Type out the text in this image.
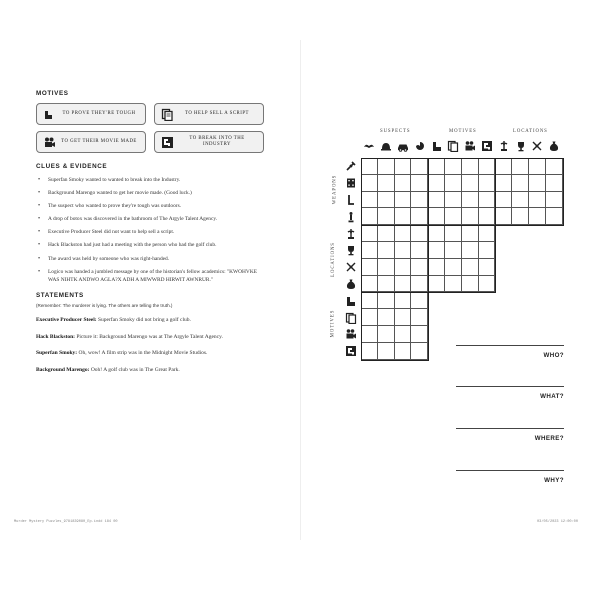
MOTIVES
TO PROVE THEY'RE TOUGH	TO HELP SELL A SCRIPT
TO GET THEIR MOVIE MADE
TO BREAK INTO THE INDUSTRY
CLUES & EVIDENCE
• Superfan Smoky wanted to wanted to break into the Industry.
• Background Marengo wanted to get her movie made. (Good luck.)
• The suspect who wanted to prove they're tough was outdoors.
• A drop of botox was discovered in the bathroom of The Argyle Talent Agency.
• Executive Producer Steel did not want to help sell a script.
• Hack Blackston had just had a meeting with the person who had the golf club.
• The award was held by someone who was right-handed.
• Logico was handed a jumbled message by one of the historian's fellow academics: "KWOHVKE WAS NIHTK ANDWO AGLA?X ADH A MIWWRD HIRWIT AWNRUR."
STATEMENTS
(Remember: The murderer is lying. The others are telling the truth.)
Executive Producer Steel: Superfan Smoky did not bring a golf club.
Hack Blackston: Picture it: Background Marengo was at The Argyle Talent Agency.
Superfan Smoky: Oh, wow! A film strip was in the Midnight Movie Studios.
Background Marengo: Ooh! A golf club was in The Great Park.
Murder Mystery Puzzles_9781839080_Ep.indd 184 00	03/05/2023 12:00:00
SUSPECTS	MOTIVES	LOCATIONS
WEAPONS
LOCATIONS
MOTIVES
WHO?
WHAT?
WHERE?
WHY?
